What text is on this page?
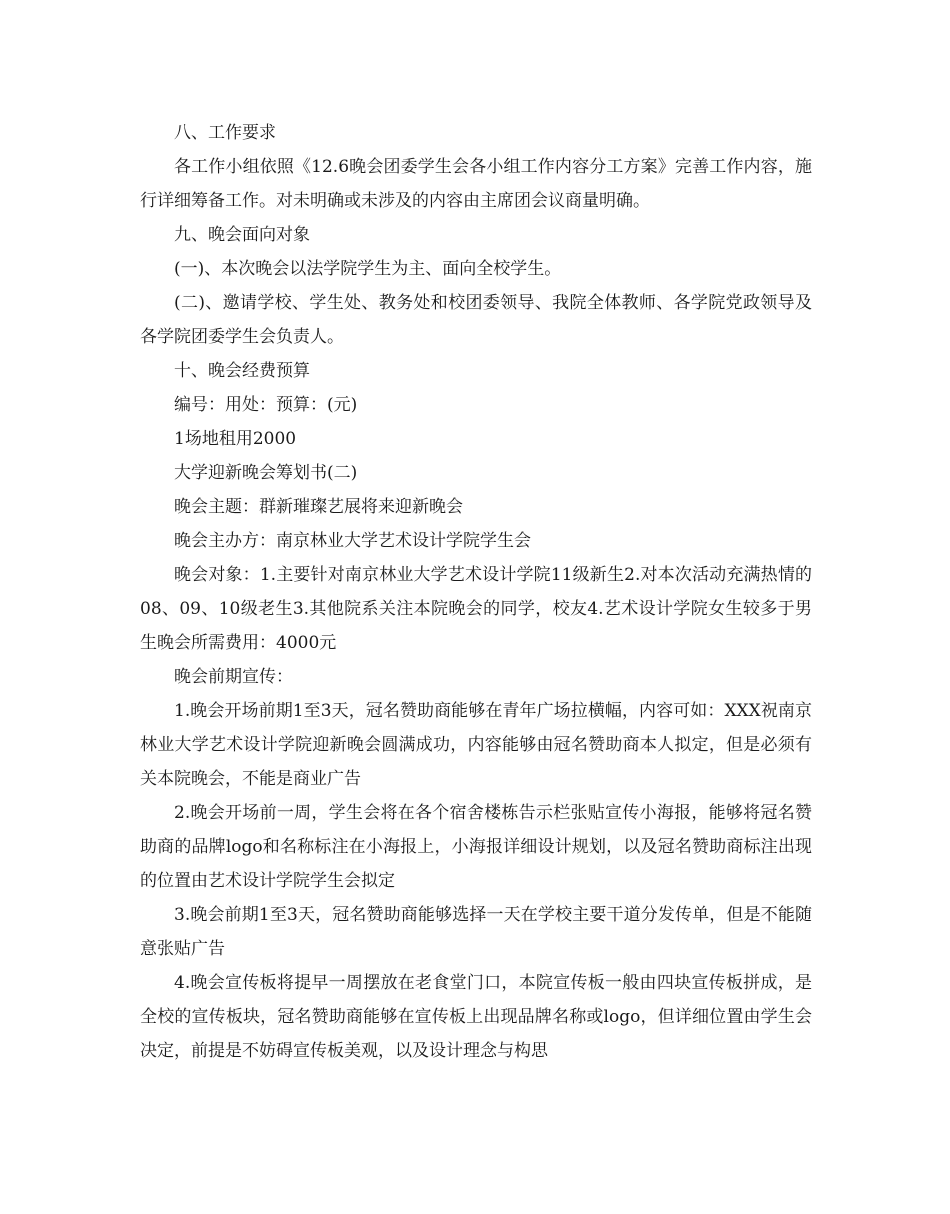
八、工作要求

各工作小组依照《12.6晚会团委学生会各小组工作内容分工方案》完善工作内容，施行详细筹备工作。对未明确或未涉及的内容由主席团会议商量明确。

九、晚会面向对象

(一)、本次晚会以法学院学生为主、面向全校学生。

(二)、邀请学校、学生处、教务处和校团委领导、我院全体教师、各学院党政领导及各学院团委学生会负责人。

十、晚会经费预算

编号：用处：预算：(元)

1场地租用2000

大学迎新晚会筹划书(二)

晚会主题：群新璀璨艺展将来迎新晚会

晚会主办方：南京林业大学艺术设计学院学生会

晚会对象：1.主要针对南京林业大学艺术设计学院11级新生2.对本次活动充满热情的08、09、10级老生3.其他院系关注本院晚会的同学，校友4.艺术设计学院女生较多于男生晚会所需费用：4000元

晚会前期宣传：

1.晚会开场前期1至3天，冠名赞助商能够在青年广场拉横幅，内容可如：XXX祝南京林业大学艺术设计学院迎新晚会圆满成功，内容能够由冠名赞助商本人拟定，但是必须有关本院晚会，不能是商业广告

2.晚会开场前一周，学生会将在各个宿舍楼栋告示栏张贴宣传小海报，能够将冠名赞助商的品牌logo和名称标注在小海报上，小海报详细设计规划，以及冠名赞助商标注出现的位置由艺术设计学院学生会拟定

3.晚会前期1至3天，冠名赞助商能够选择一天在学校主要干道分发传单，但是不能随意张贴广告

4.晚会宣传板将提早一周摆放在老食堂门口，本院宣传板一般由四块宣传板拼成，是全校的宣传板块，冠名赞助商能够在宣传板上出现品牌名称或logo，但详细位置由学生会决定，前提是不妨碍宣传板美观，以及设计理念与构思
